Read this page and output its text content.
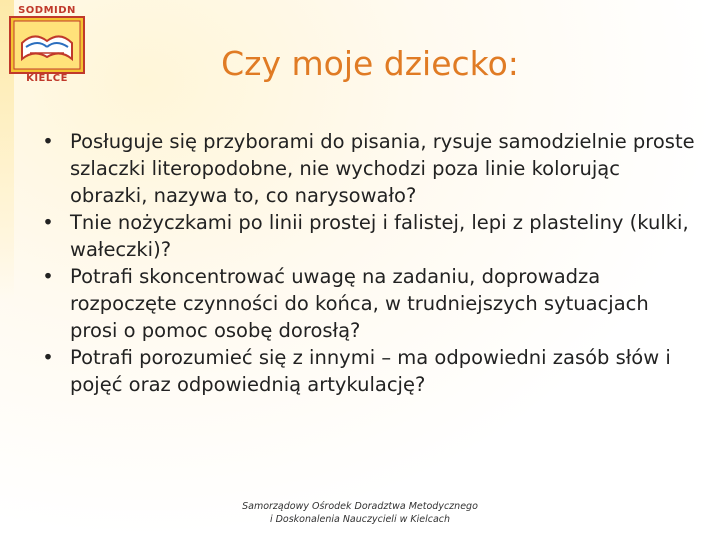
SODMIDN
KIELCE	Czy moje dziecko:
• Posługuje się przyborami do pisania, rysuje samodzielnie proste szlaczki literopodobne, nie wychodzi poza linie kolorując obrazki, nazywa to, co narysowało?
• Tnie nożyczkami po linii prostej i falistej, lepi z plasteliny (kulki, wałeczki)?
• Potrafi skoncentrować uwagę na zadaniu, doprowadza rozpoczęte czynności do końca, w trudniejszych sytuacjach prosi o pomoc osobę dorosłą?
• Potrafi porozumieć się z innymi – ma odpowiedni zasób słów i pojęć oraz odpowiednią artykulację?
Samorządowy Ośrodek Doradztwa Metodycznego
i Doskonalenia Nauczycieli w Kielcach
